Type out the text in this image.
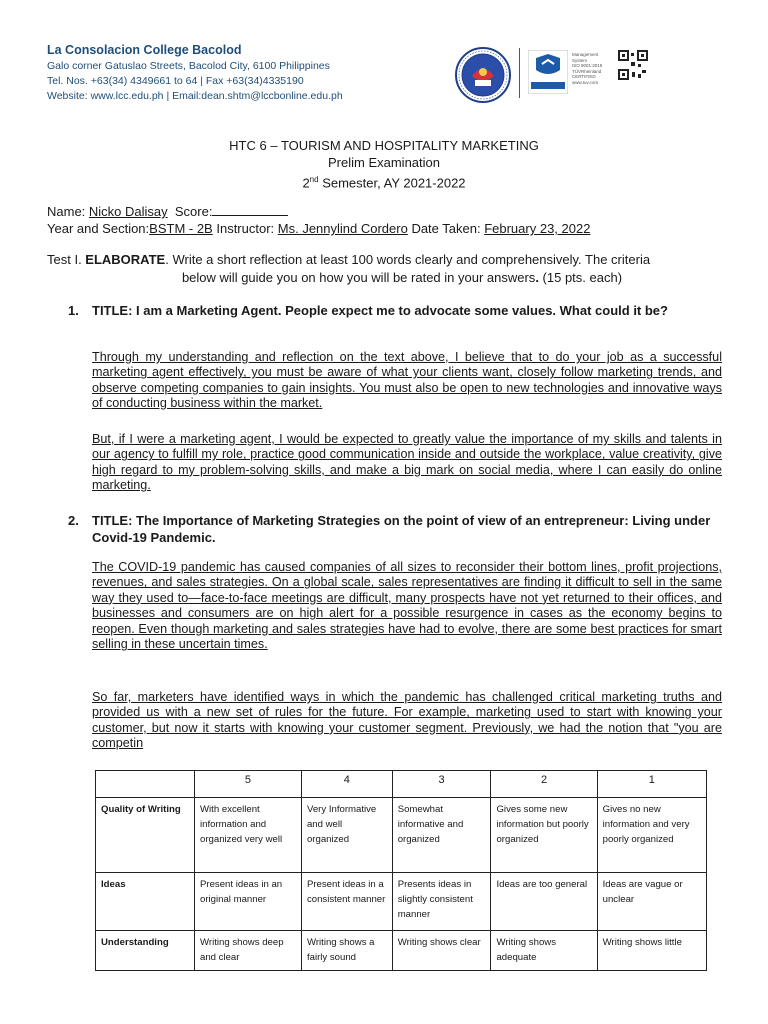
La Consolacion College Bacolod
Galo corner Gatuslao Streets, Bacolod City, 6100 Philippines
Tel. Nos. +63(34) 4349661 to 64 | Fax +63(34)4335190
Website: www.lcc.edu.ph | Email:dean.shtm@lccbonline.edu.ph
Management
System
ISO 9001:2015
TÜVRheinland
CERTIFIED
www.tuv.com
HTC 6 – TOURISM AND HOSPITALITY MARKETING
Prelim Examination
2nd Semester, AY 2021-2022
Name: Nicko Dalisay  Score:
Year and Section:BSTM - 2B Instructor: Ms. Jennylind Cordero Date Taken: February 23, 2022
Test I. ELABORATE. Write a short reflection at least 100 words clearly and comprehensively. The criteria
below will guide you on how you will be rated in your answers. (15 pts. each)
1. TITLE: I am a Marketing Agent. People expect me to advocate some values. What could it be?
Through my understanding and reflection on the text above, I believe that to do your job as a successful marketing agent effectively, you must be aware of what your clients want, closely follow marketing trends, and observe competing companies to gain insights. You must also be open to new technologies and innovative ways of conducting business within the market.
But, if I were a marketing agent, I would be expected to greatly value the importance of my skills and talents in our agency to fulfill my role, practice good communication inside and outside the workplace, value creativity, give high regard to my problem-solving skills, and make a big mark on social media, where I can easily do online marketing.
2. TITLE: The Importance of Marketing Strategies on the point of view of an entrepreneur: Living under Covid-19 Pandemic.
The COVID-19 pandemic has caused companies of all sizes to reconsider their bottom lines, profit projections, revenues, and sales strategies. On a global scale, sales representatives are finding it difficult to sell in the same way they used to—face-to-face meetings are difficult, many prospects have not yet returned to their offices, and businesses and consumers are on high alert for a possible resurgence in cases as the economy begins to reopen. Even though marketing and sales strategies have had to evolve, there are some best practices for smart selling in these uncertain times.
So far, marketers have identified ways in which the pandemic has challenged critical marketing truths and provided us with a new set of rules for the future. For example, marketing used to start with knowing your customer, but now it starts with knowing your customer segment. Previously, we had the notion that "you are competin
	5	4	3	2	1
Quality of Writing	With excellent information and organized very well	Very Informative and well organized	Somewhat informative and organized	Gives some new information but poorly organized	Gives no new information and very poorly organized
Ideas	Present ideas in an original manner	Present ideas in a consistent manner	Presents ideas in slightly consistent manner	Ideas are too general	Ideas are vague or unclear
Understanding	Writing shows deep and clear	Writing shows a fairly sound	Writing shows clear	Writing shows adequate	Writing shows little
